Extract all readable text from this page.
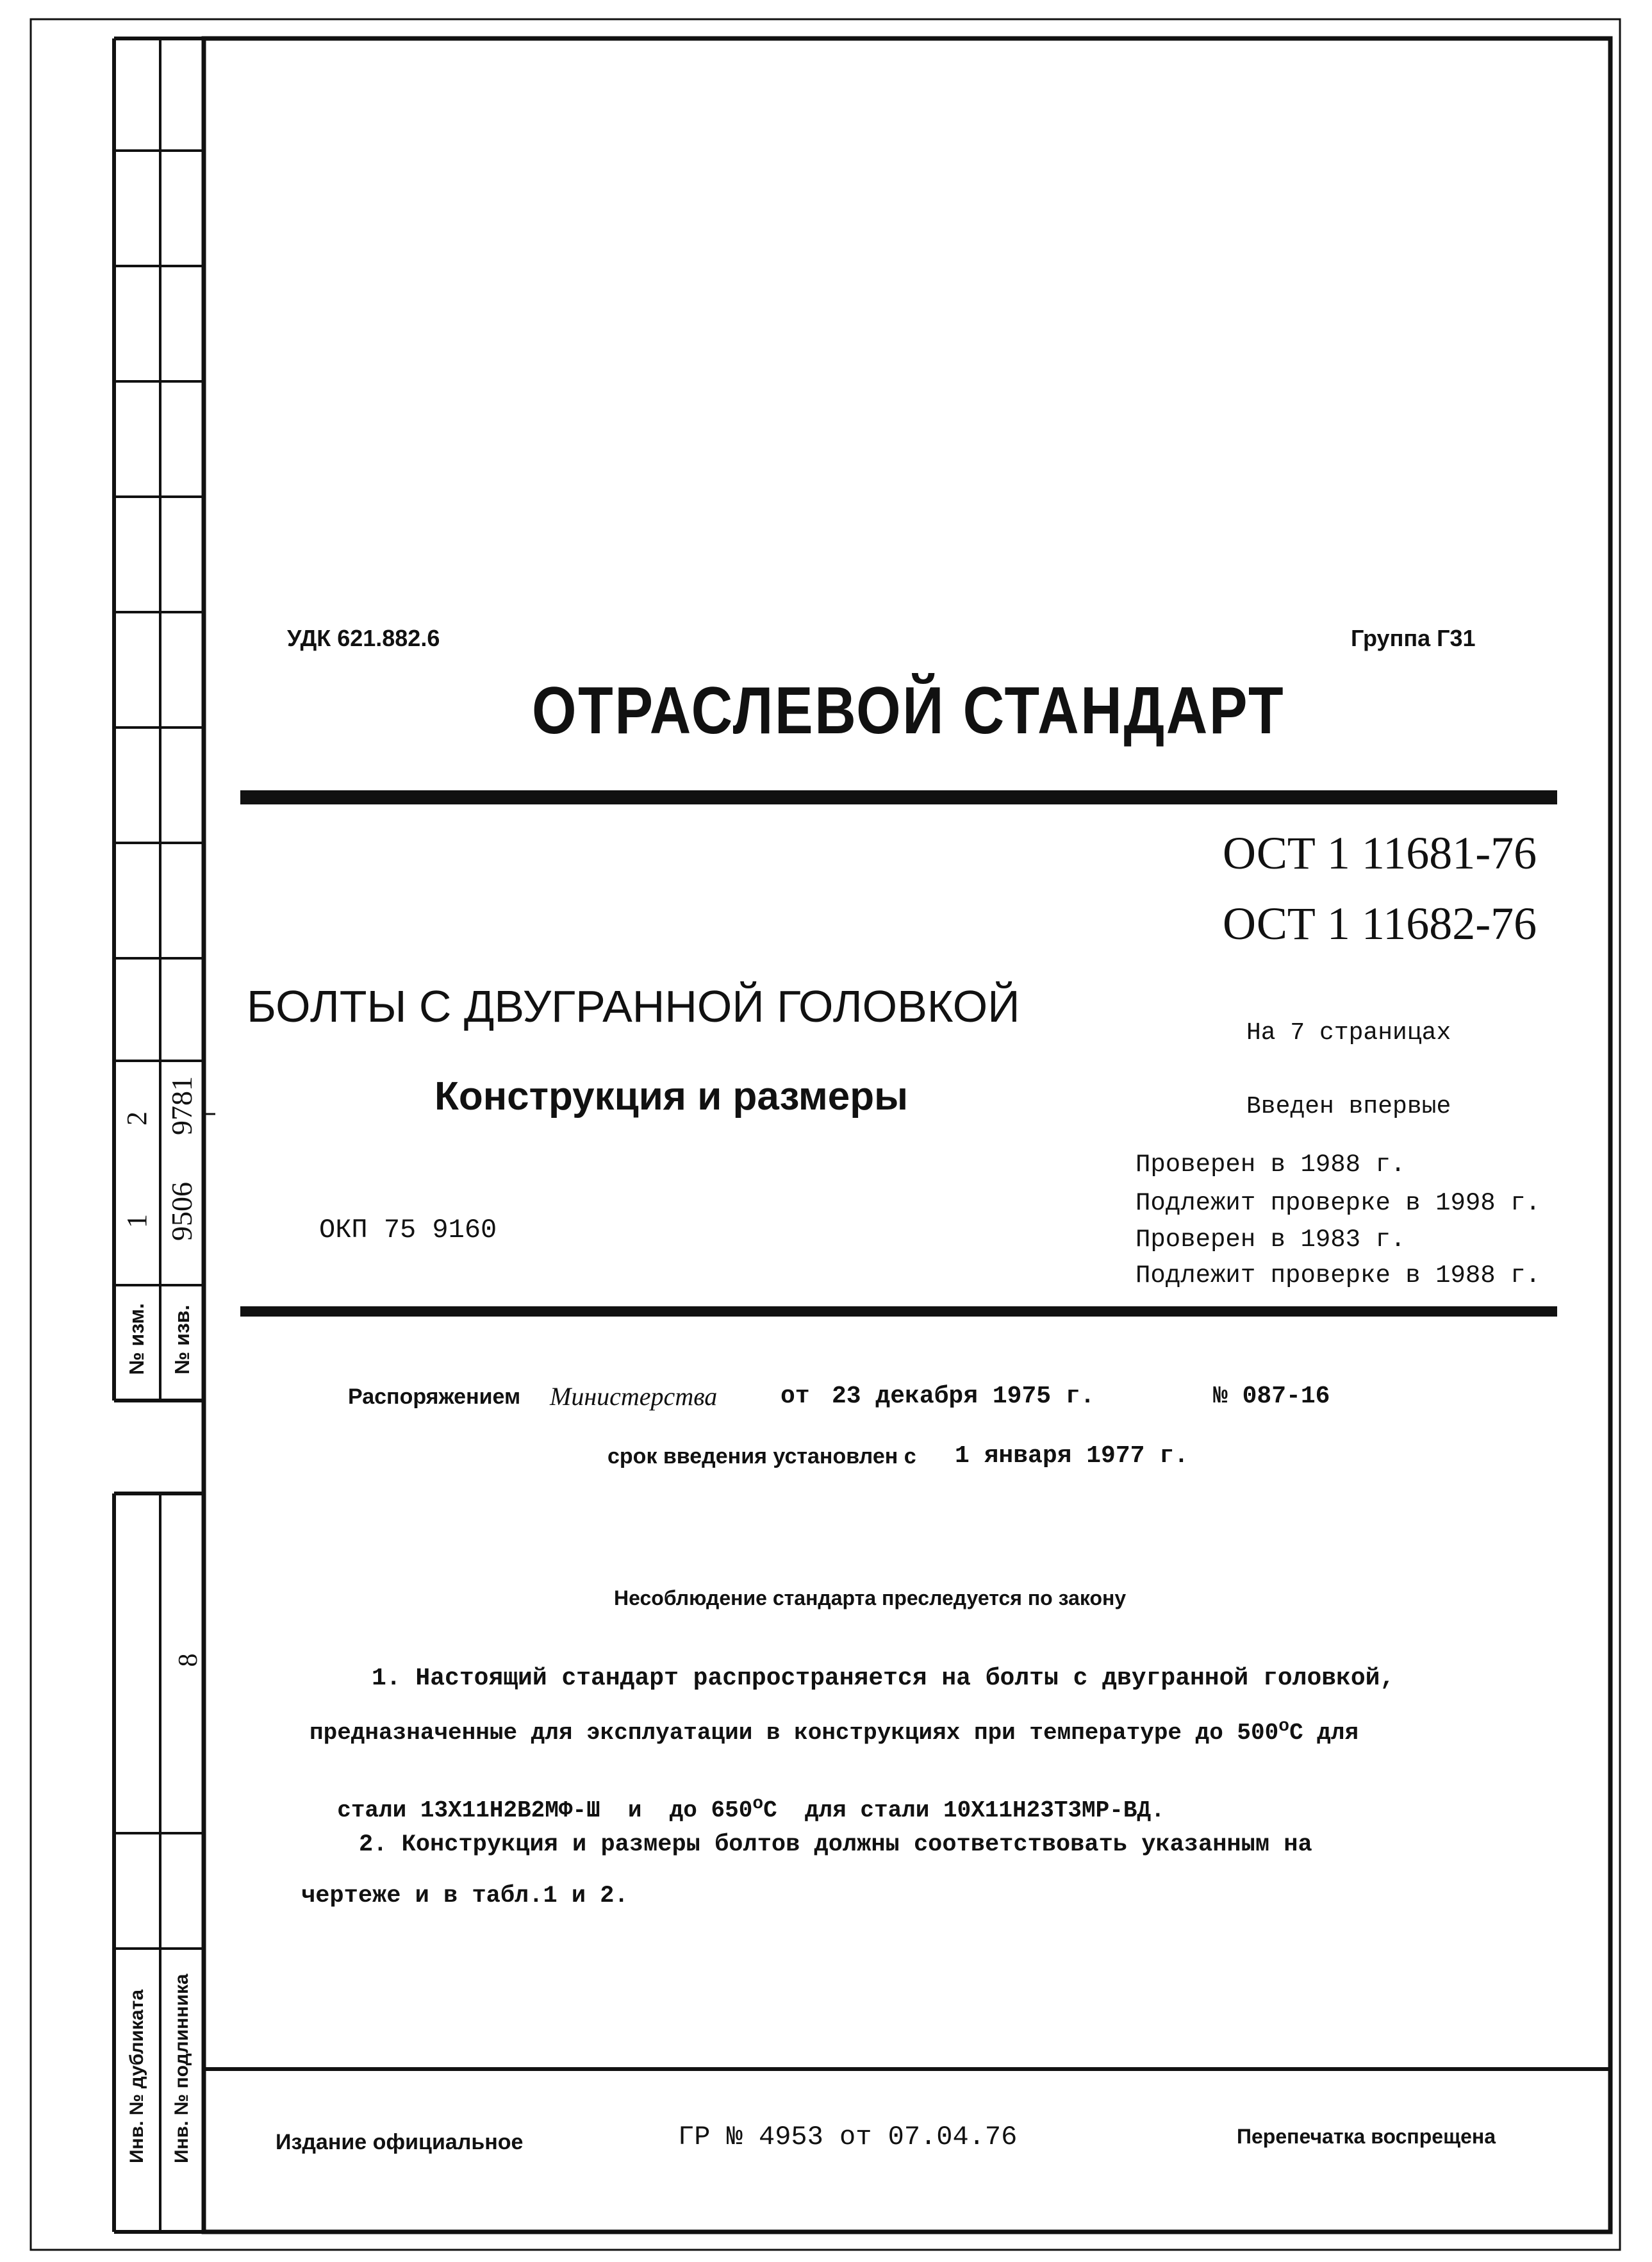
1
2
9506
9781
№ изм. № изв.
8
Инв. № дубликата Инв. № подлинника
УДК 621.882.6	Группа Г31
ОТРАСЛЕВОЙ СТАНДАРТ
ОСТ 1 11681-76
ОСТ 1 11682-76
БОЛТЫ С ДВУГРАННОЙ ГОЛОВКОЙ
Конструкция и размеры
На 7 страницах
Введен впервые
Проверен в 1988 г.
Подлежит проверке в 1998 г.
Проверен в 1983 г.
Подлежит проверке в 1988 г.
ОКП 75 9160
Распоряжением Министерства	от 23 декабря 1975 г.	№ 087-16
срок введения установлен с 1 января 1977 г.
Несоблюдение стандарта преследуется по закону
1. Настоящий стандарт распространяется на болты с двугранной головкой,
предназначенные для эксплуатации в конструкциях при температуре до $500^оС$ для

стали 13Х11Н2В2МФ-Ш  и  до $650^оС$  для стали 10Х11Н23Т3МР-ВД.

2. Конструкция и размеры болтов должны соответствовать указанным на
чертеже и в табл.1 и 2.
Издание официальное	ГР № 4953 от 07.04.76	Перепечатка воспрещена
